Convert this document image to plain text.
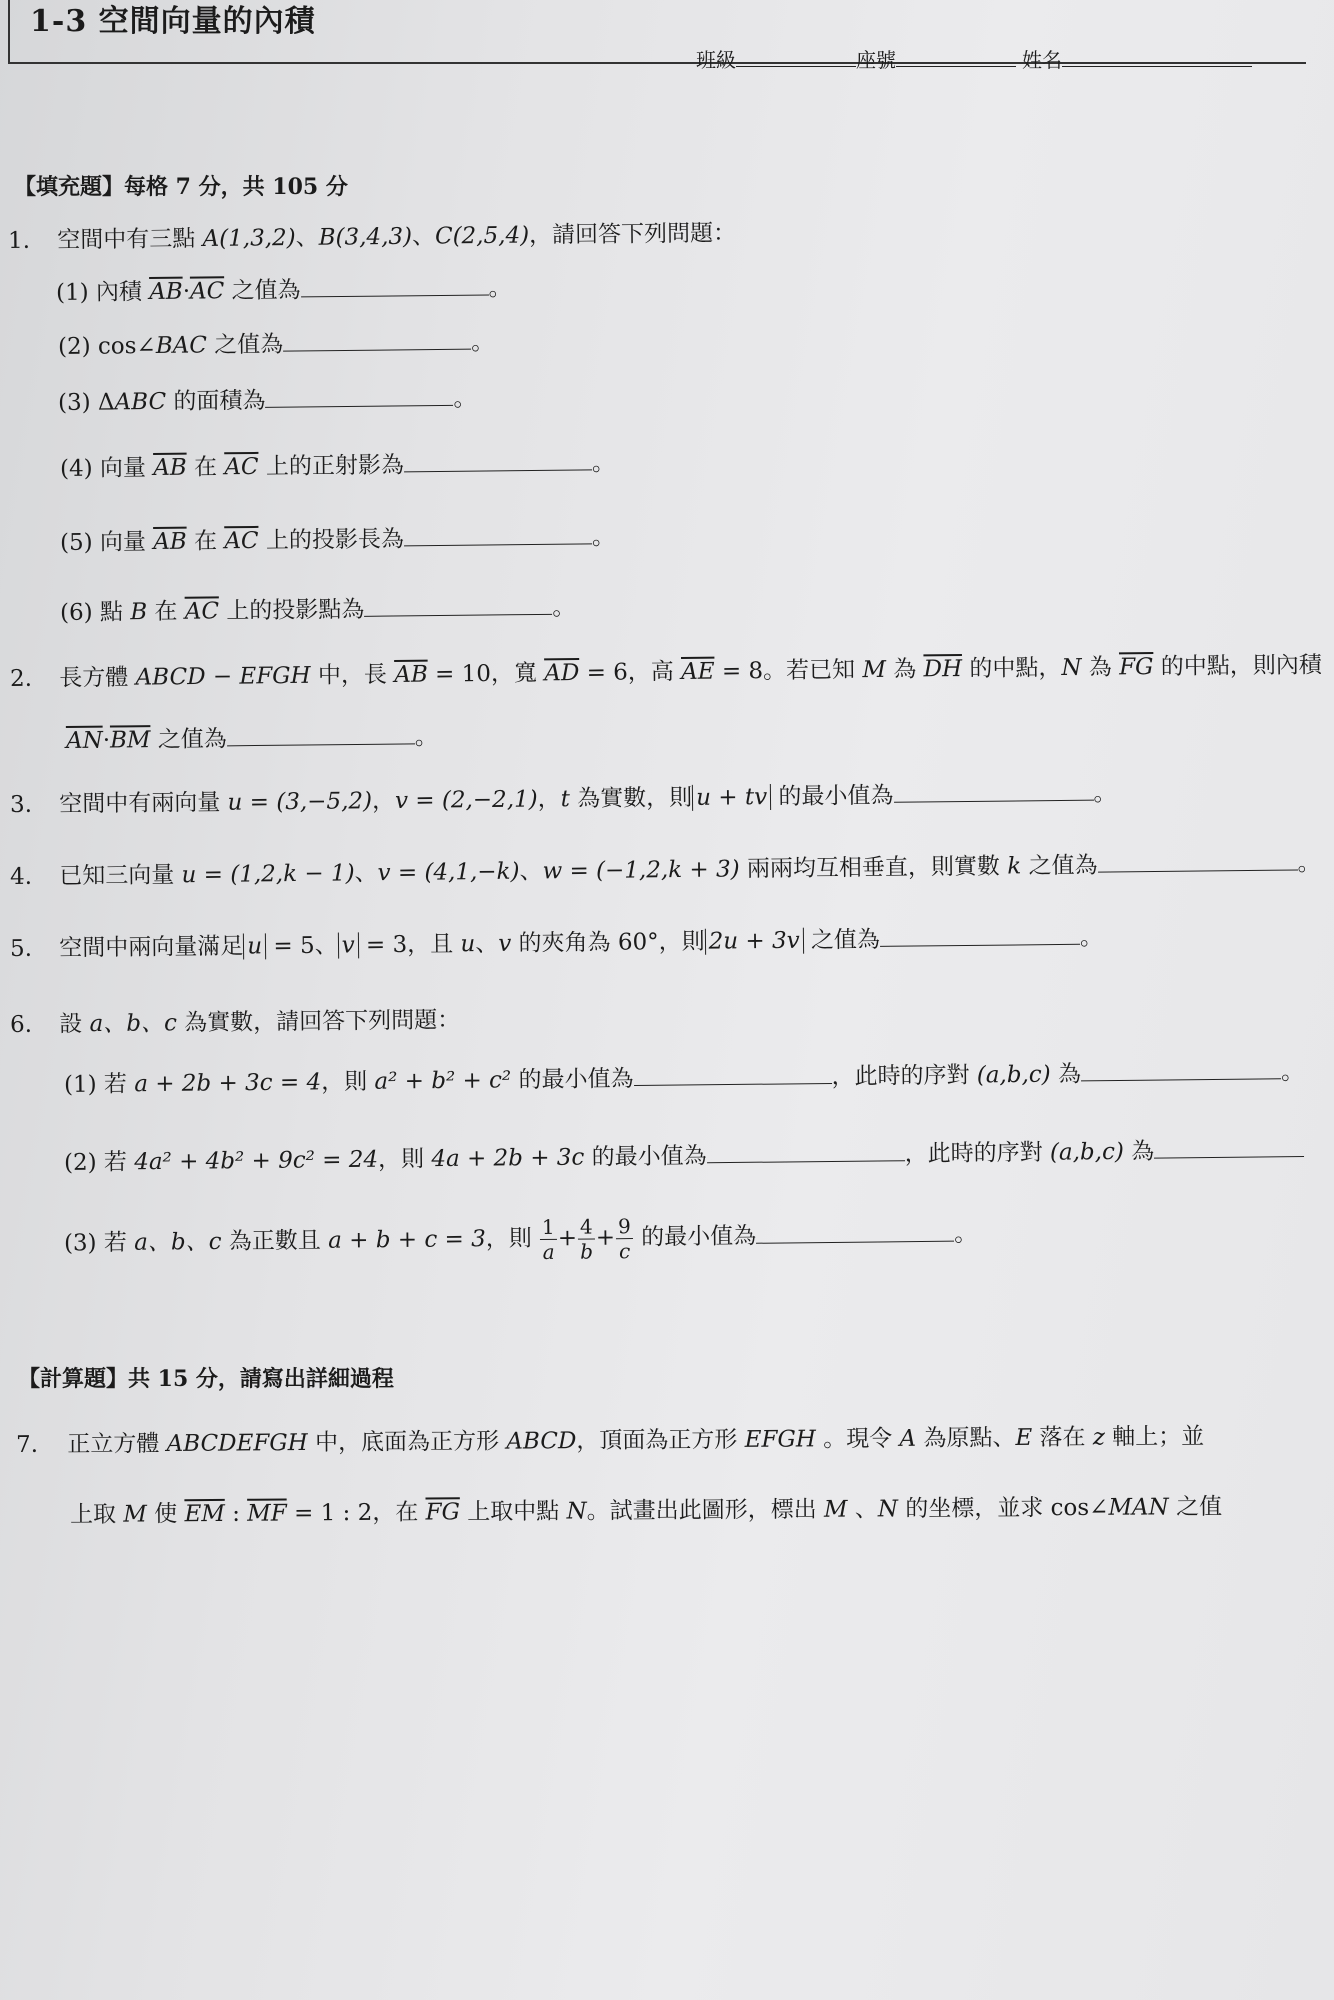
1-3 空間向量的內積
班級	座號	姓名
【填充題】每格 7 分，共 105 分
1. 空間中有三點 A(1,3,2)、B(3,4,3)、C(2,5,4)，請回答下列問題：
(1) 內積 $\overline{AB}\cdot\overline{AC}$ 之值為	。
(2) cos∠BAC 之值為	。
(3) ΔABC 的面積為	。
(4) 向量 $\overline{AB}$ 在 $\overline{AC}$ 上的正射影為	。
(5) 向量 $\overline{AB}$ 在 $\overline{AC}$ 上的投影長為	。
(6) 點 B 在 $\overline{AC}$ 上的投影點為	。
2. 長方體 ABCD − EFGH 中，長 $\overline{AB} = 10$，寬 $\overline{AD} = 6$，高 $\overline{AE} = 8$。若已知 M 為 $\overline{DH}$ 的中點，N 為 $\overline{FG}$ 的中點，則內積
$\overline{AN}\cdot\overline{BM}$ 之值為	。
3. 空間中有兩向量 u = (3,−5,2)，v = (2,−2,1)，t 為實數，則 u + tv 的最小值為	。
4. 已知三向量 u = (1,2,k − 1)、v = (4,1,−k)、w = (−1,2,k + 3) 兩兩均互相垂直，則實數 k 之值為	。
5. 空間中兩向量滿足 u = 5、 v = 3，且 u、v 的夾角為 60°，則 2u + 3v 之值為	。
6. 設 a、b、c 為實數，請回答下列問題：
(1) 若 a + 2b + 3c = 4，則 a² + b² + c² 的最小值為	，此時的序對 (a,b,c) 為	。
(2) 若 4a² + 4b² + 9c² = 24，則 4a + 2b + 3c 的最小值為	，此時的序對 (a,b,c) 為
(3) 若 a、b、c 為正數且 a + b + c = 3，則 $\frac{1}{a} + \frac{4}{b} + \frac{9}{c}$ 的最小值為	。
【計算題】共 15 分，請寫出詳細過程
7. 正立方體 ABCDEFGH 中，底面為正方形 ABCD，頂面為正方形 EFGH 。現令 A 為原點、E 落在 z 軸上；並
上取 M 使 $\overline{EM}$ : $\overline{MF} = 1$ : 2，在 $\overline{FG}$ 上取中點 N。試畫出此圖形，標出 M 、N 的坐標，並求 cos∠MAN 之值
